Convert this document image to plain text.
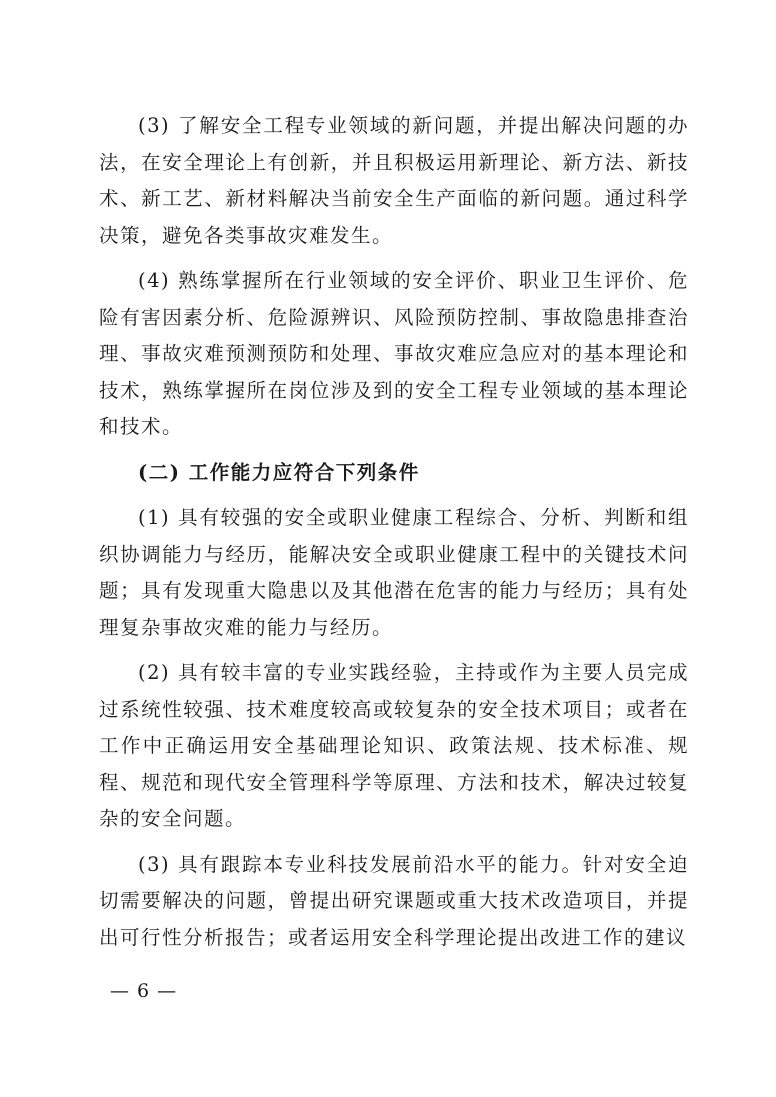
(3) 了解安全工程专业领域的新问题，并提出解决问题的办法，在安全理论上有创新，并且积极运用新理论、新方法、新技术、新工艺、新材料解决当前安全生产面临的新问题。通过科学决策，避免各类事故灾难发生。

(4) 熟练掌握所在行业领域的安全评价、职业卫生评价、危险有害因素分析、危险源辨识、风险预防控制、事故隐患排查治理、事故灾难预测预防和处理、事故灾难应急应对的基本理论和技术，熟练掌握所在岗位涉及到的安全工程专业领域的基本理论和技术。

(二) 工作能力应符合下列条件

(1) 具有较强的安全或职业健康工程综合、分析、判断和组织协调能力与经历，能解决安全或职业健康工程中的关键技术问题；具有发现重大隐患以及其他潜在危害的能力与经历；具有处理复杂事故灾难的能力与经历。

(2) 具有较丰富的专业实践经验，主持或作为主要人员完成过系统性较强、技术难度较高或较复杂的安全技术项目；或者在工作中正确运用安全基础理论知识、政策法规、技术标准、规程、规范和现代安全管理科学等原理、方法和技术，解决过较复杂的安全问题。

(3) 具有跟踪本专业科技发展前沿水平的能力。针对安全迫切需要解决的问题，曾提出研究课题或重大技术改造项目，并提出可行性分析报告；或者运用安全科学理论提出改进工作的建议

— 6 —
